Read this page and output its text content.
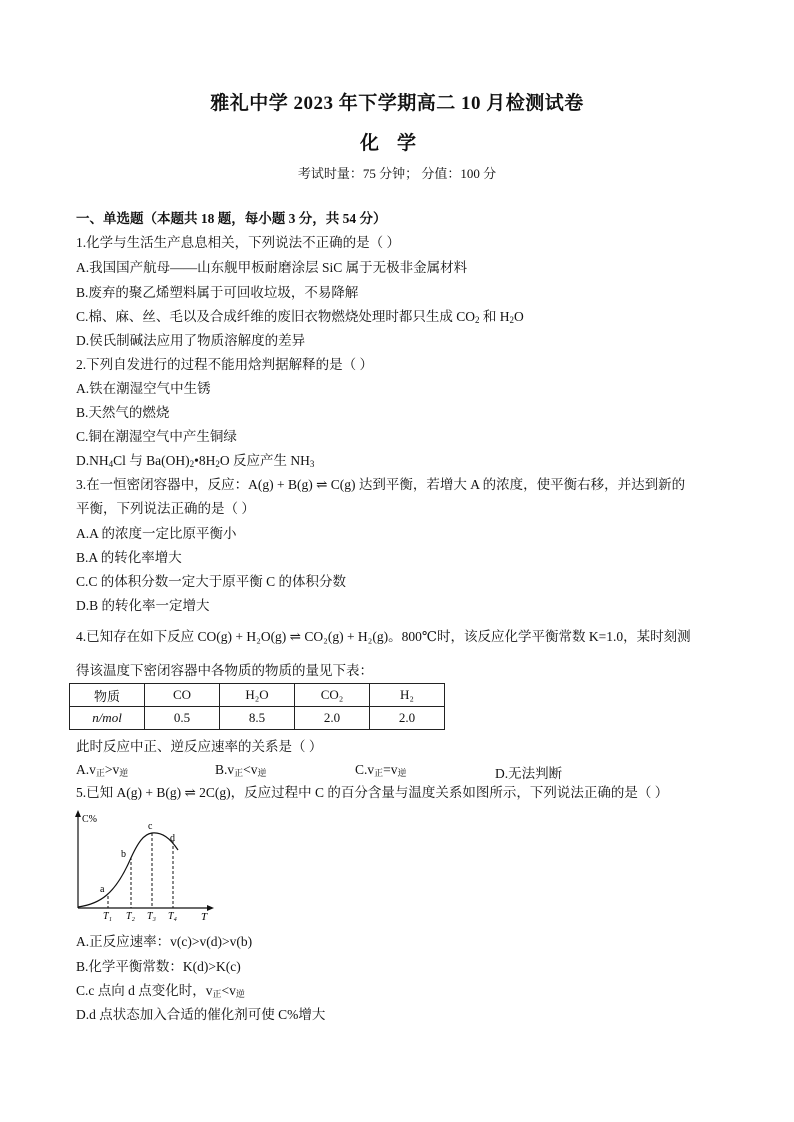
雅礼中学 2023 年下学期高二 10 月检测试卷
化学
考试时量：75 分钟； 分值：100 分
一、单选题（本题共 18 题，每小题 3 分，共 54 分）
1.化学与生活生产息息相关，下列说法不正确的是（ ）
A.我国国产航母——山东舰甲板耐磨涂层 SiC 属于无极非金属材料
B.废弃的聚乙烯塑料属于可回收垃圾，不易降解
C.棉、麻、丝、毛以及合成纤维的废旧衣物燃烧处理时都只生成 $CO_2$ 和 $H_2O$
D.侯氏制碱法应用了物质溶解度的差异
2.下列自发进行的过程不能用焓判据解释的是（ ）
A.铁在潮湿空气中生锈
B.天然气的燃烧
C.铜在潮湿空气中产生铜绿
$D.NH_4Cl$ 与 $Ba(OH)_2•8H_2O$ 反应产生 $NH_3$
3.在一恒密闭容器中，反应：A(g) + B(g) ⇌ C(g) 达到平衡，若增大 A 的浓度，使平衡右移，并达到新的
平衡，下列说法正确的是（ ）
A.A 的浓度一定比原平衡小
B.A 的转化率增大
C.C 的体积分数一定大于原平衡 C 的体积分数
D.B 的转化率一定增大
4.已知存在如下反应 CO(g) + H₂O(g) ⇌ CO₂(g) + H₂(g)。800℃时，该反应化学平衡常数 K=1.0，某时刻测
得该温度下密闭容器中各物质的物质的量见下表：
物质	CO	H₂O	CO₂	H₂
n/mol	0.5	8.5	2.0	2.0
此时反应中正、逆反应速率的关系是（ ）
A.v正>v逆	B.v正<v逆	C.v正=v逆	D.无法判断
5.已知 A(g) + B(g) ⇌ 2C(g)，反应过程中 C 的百分含量与温度关系如图所示，下列说法正确的是（ ）
C%
T
a
b
c
d
T₁ T₂ T₃ T₄
A.正反应速率：v(c)>v(d)>v(b)
B.化学平衡常数：K(d)>K(c)
C.c 点向 d 点变化时，v正<v逆
D.d 点状态加入合适的催化剂可使 C%增大
